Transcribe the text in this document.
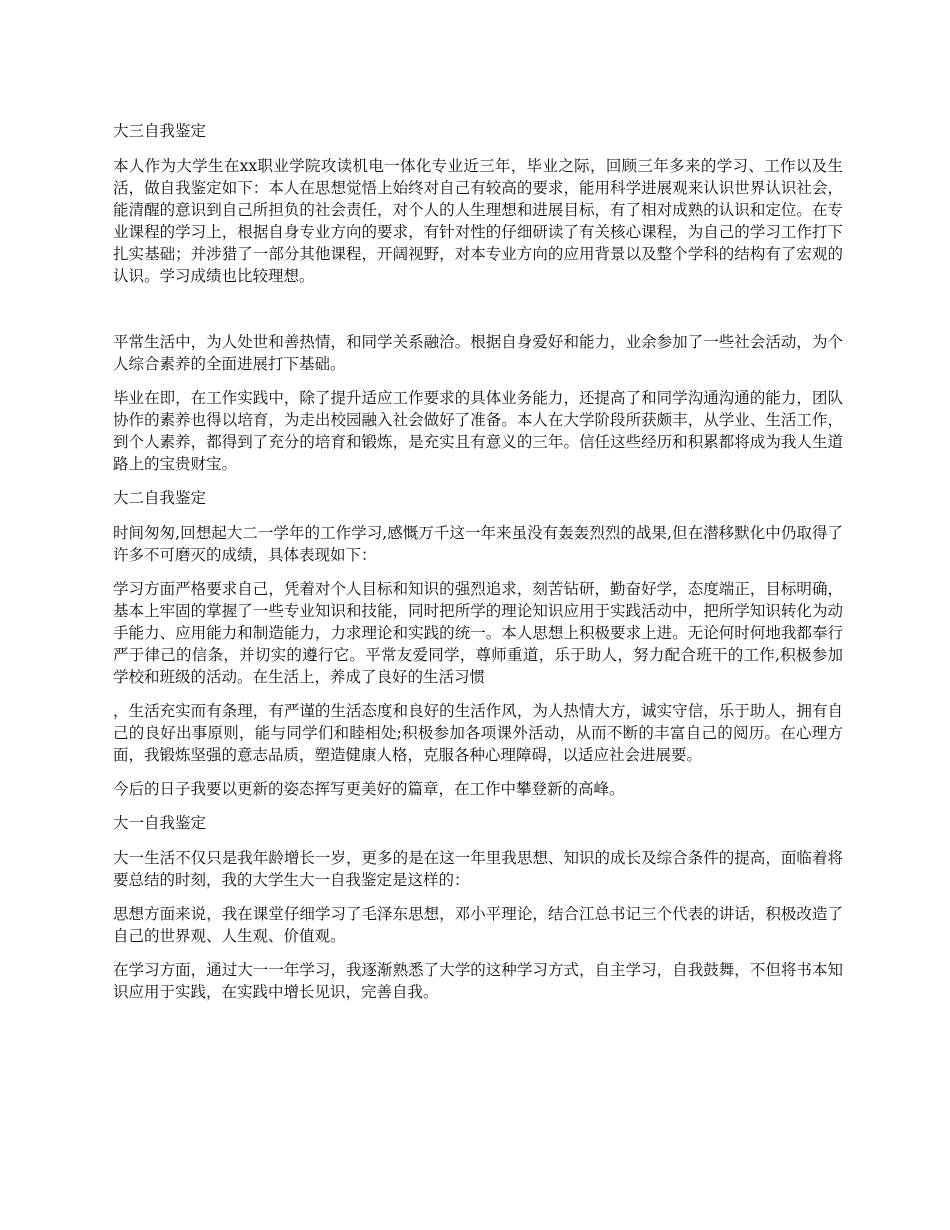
大三自我鉴定

本人作为大学生在xx职业学院攻读机电一体化专业近三年，毕业之际，回顾三年多来的学习、工作以及生活，做自我鉴定如下：本人在思想觉悟上始终对自己有较高的要求，能用科学进展观来认识世界认识社会，能清醒的意识到自己所担负的社会责任，对个人的人生理想和进展目标，有了相对成熟的认识和定位。在专业课程的学习上，根据自身专业方向的要求，有针对性的仔细研读了有关核心课程，为自己的学习工作打下扎实基础；并涉猎了一部分其他课程，开阔视野，对本专业方向的应用背景以及整个学科的结构有了宏观的认识。学习成绩也比较理想。

平常生活中，为人处世和善热情，和同学关系融洽。根据自身爱好和能力，业余参加了一些社会活动，为个人综合素养的全面进展打下基础。

毕业在即，在工作实践中，除了提升适应工作要求的具体业务能力，还提高了和同学沟通沟通的能力，团队协作的素养也得以培育，为走出校园融入社会做好了准备。本人在大学阶段所获颇丰，从学业、生活工作，到个人素养，都得到了充分的培育和锻炼，是充实且有意义的三年。信任这些经历和积累都将成为我人生道路上的宝贵财宝。

大二自我鉴定

时间匆匆,回想起大二一学年的工作学习,感慨万千这一年来虽没有轰轰烈烈的战果,但在潜移默化中仍取得了许多不可磨灭的成绩，具体表现如下：

学习方面严格要求自己，凭着对个人目标和知识的强烈追求，刻苦钻研，勤奋好学，态度端正，目标明确，基本上牢固的掌握了一些专业知识和技能，同时把所学的理论知识应用于实践活动中，把所学知识转化为动手能力、应用能力和制造能力，力求理论和实践的统一。本人思想上积极要求上进。无论何时何地我都奉行严于律己的信条，并切实的遵行它。平常友爱同学，尊师重道，乐于助人，努力配合班干的工作,积极参加学校和班级的活动。在生活上，养成了良好的生活习惯

，生活充实而有条理，有严谨的生活态度和良好的生活作风，为人热情大方，诚实守信，乐于助人，拥有自己的良好出事原则，能与同学们和睦相处;积极参加各项课外活动，从而不断的丰富自己的阅历。在心理方面，我锻炼坚强的意志品质，塑造健康人格，克服各种心理障碍，以适应社会进展要。

今后的日子我要以更新的姿态挥写更美好的篇章，在工作中攀登新的高峰。

大一自我鉴定

大一生活不仅只是我年龄增长一岁，更多的是在这一年里我思想、知识的成长及综合条件的提高，面临着将要总结的时刻，我的大学生大一自我鉴定是这样的：

思想方面来说，我在课堂仔细学习了毛泽东思想，邓小平理论，结合江总书记三个代表的讲话，积极改造了自己的世界观、人生观、价值观。

在学习方面，通过大一一年学习，我逐渐熟悉了大学的这种学习方式，自主学习，自我鼓舞，不但将书本知识应用于实践，在实践中增长见识，完善自我。
